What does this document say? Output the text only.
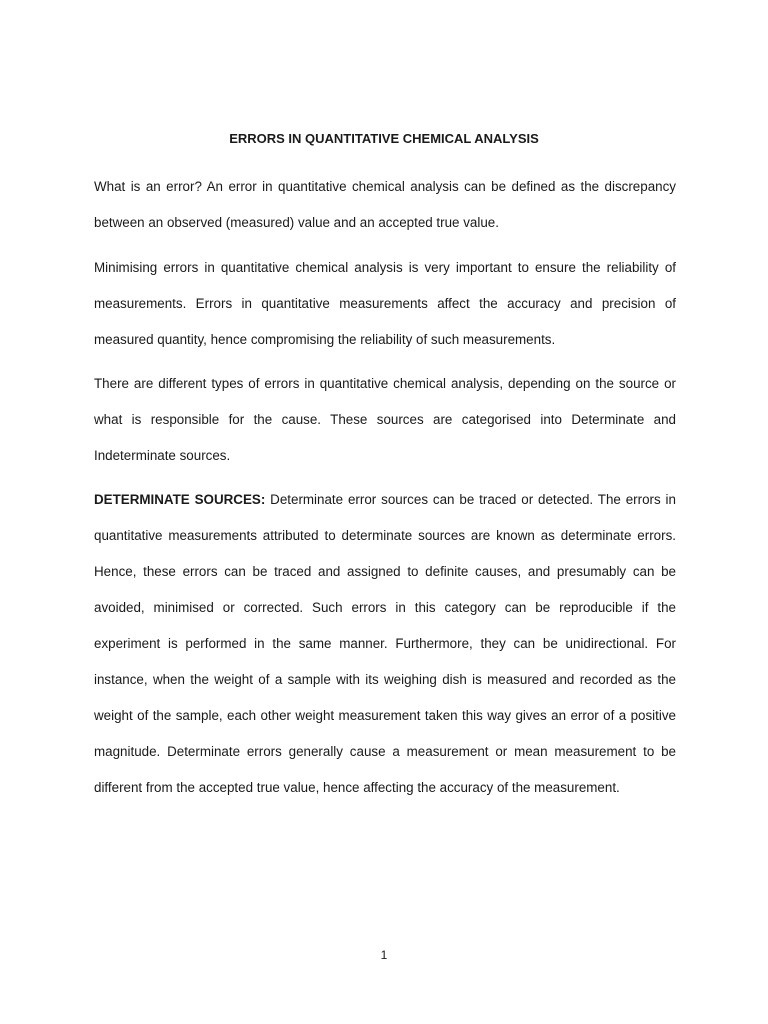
ERRORS IN QUANTITATIVE CHEMICAL ANALYSIS

What is an error? An error in quantitative chemical analysis can be defined as the discrepancy between an observed (measured) value and an accepted true value.

Minimising errors in quantitative chemical analysis is very important to ensure the reliability of measurements. Errors in quantitative measurements affect the accuracy and precision of measured quantity, hence compromising the reliability of such measurements.

There are different types of errors in quantitative chemical analysis, depending on the source or what is responsible for the cause. These sources are categorised into Determinate and Indeterminate sources.

DETERMINATE SOURCES: Determinate error sources can be traced or detected. The errors in quantitative measurements attributed to determinate sources are known as determinate errors. Hence, these errors can be traced and assigned to definite causes, and presumably can be avoided, minimised or corrected. Such errors in this category can be reproducible if the experiment is performed in the same manner. Furthermore, they can be unidirectional. For instance, when the weight of a sample with its weighing dish is measured and recorded as the weight of the sample, each other weight measurement taken this way gives an error of a positive magnitude. Determinate errors generally cause a measurement or mean measurement to be different from the accepted true value, hence affecting the accuracy of the measurement.

1
